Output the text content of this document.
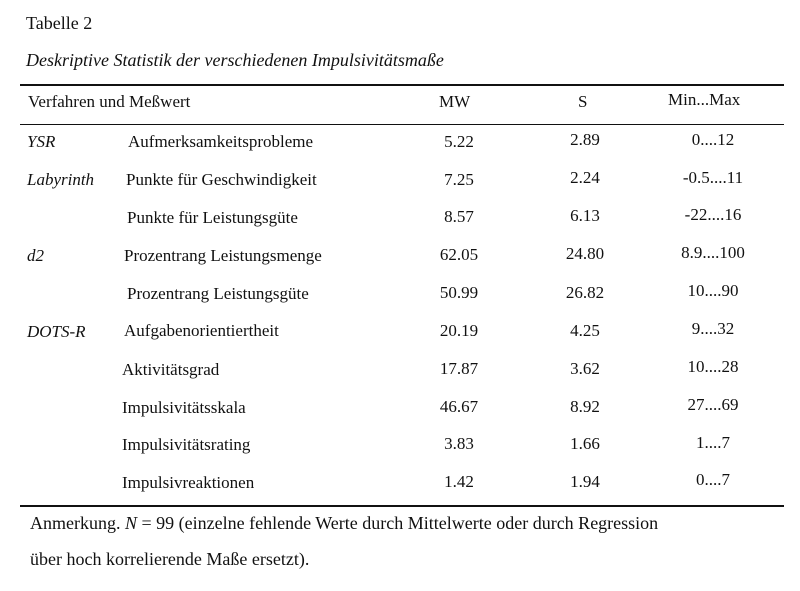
Tabelle 2
Deskriptive Statistik der verschiedenen Impulsivitätsmaße
Verfahren und Meßwert	MW	S	Min...Max
YSR	Aufmerksamkeitsprobleme	5.22	2.89	0....12
Labyrinth Punkte für Geschwindigkeit	7.25	2.24	-0.5....11
Punkte für Leistungsgüte	8.57	6.13	-22....16
d2	Prozentrang Leistungsmenge	62.05	24.80	8.9....100
Prozentrang Leistungsgüte	50.99	26.82	10....90
DOTS-R Aufgabenorientiertheit	20.19	4.25	9....32
Aktivitätsgrad	17.87	3.62	10....28
Impulsivitätsskala	46.67	8.92	27....69
Impulsivitätsrating	3.83	1.66	1....7
Impulsivreaktionen	1.42	1.94	0....7
Anmerkung. N = 99 (einzelne fehlende Werte durch Mittelwerte oder durch Regression
über hoch korrelierende Maße ersetzt).
